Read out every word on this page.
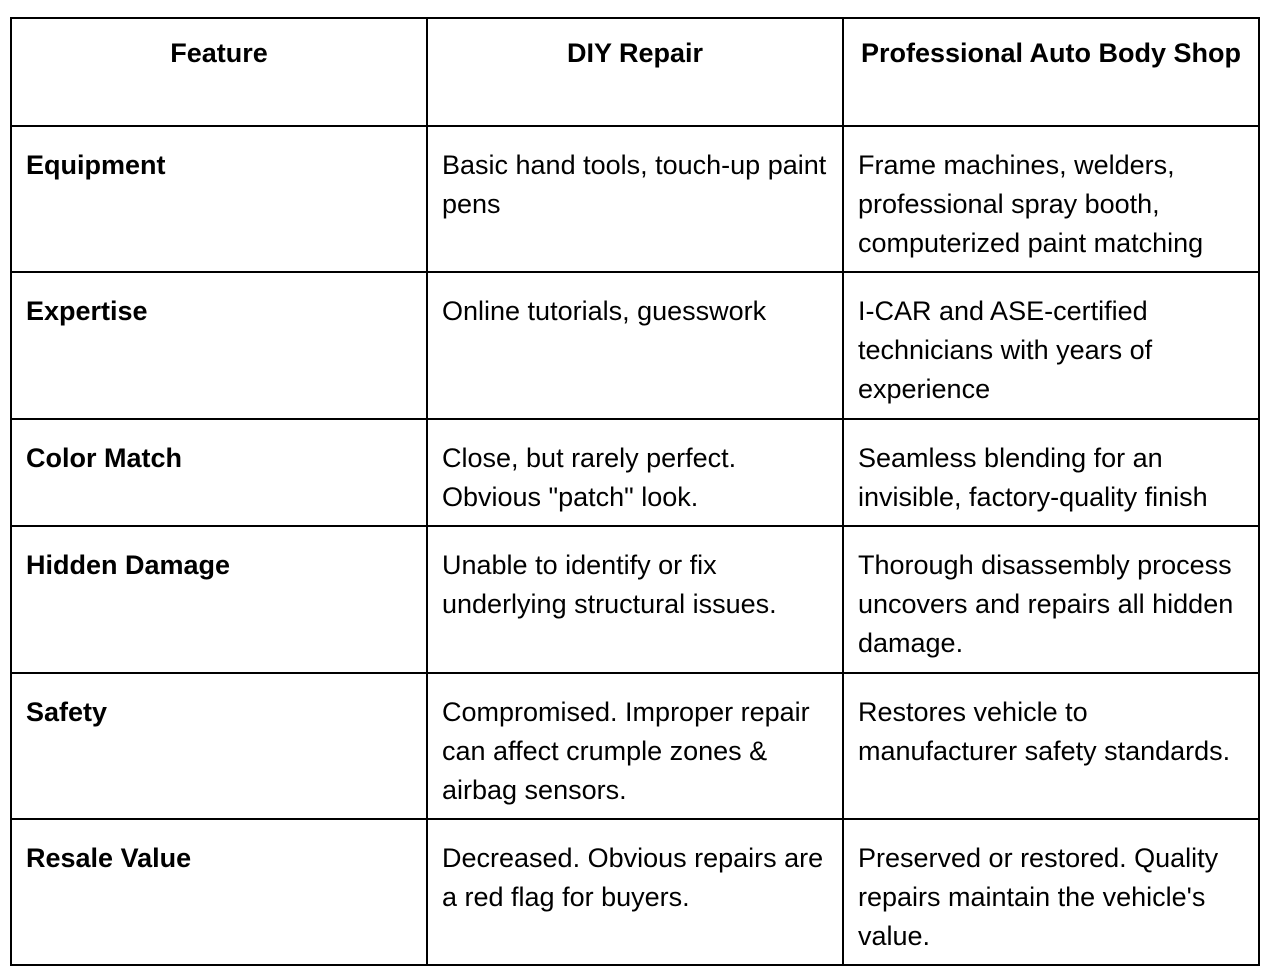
Feature	DIY Repair	Professional Auto Body Shop
Equipment	Basic hand tools, touch-up paint pens	Frame machines, welders, professional spray booth, computerized paint matching
Expertise	Online tutorials, guesswork	I-CAR and ASE-certified technicians with years of experience
Color Match	Close, but rarely perfect. Obvious "patch" look.	Seamless blending for an invisible, factory-quality finish
Hidden Damage	Unable to identify or fix underlying structural issues.	Thorough disassembly process uncovers and repairs all hidden damage.
Safety	Compromised. Improper repair can affect crumple zones & airbag sensors.	Restores vehicle to manufacturer safety standards.
Resale Value	Decreased. Obvious repairs are a red flag for buyers.	Preserved or restored. Quality repairs maintain the vehicle's value.
